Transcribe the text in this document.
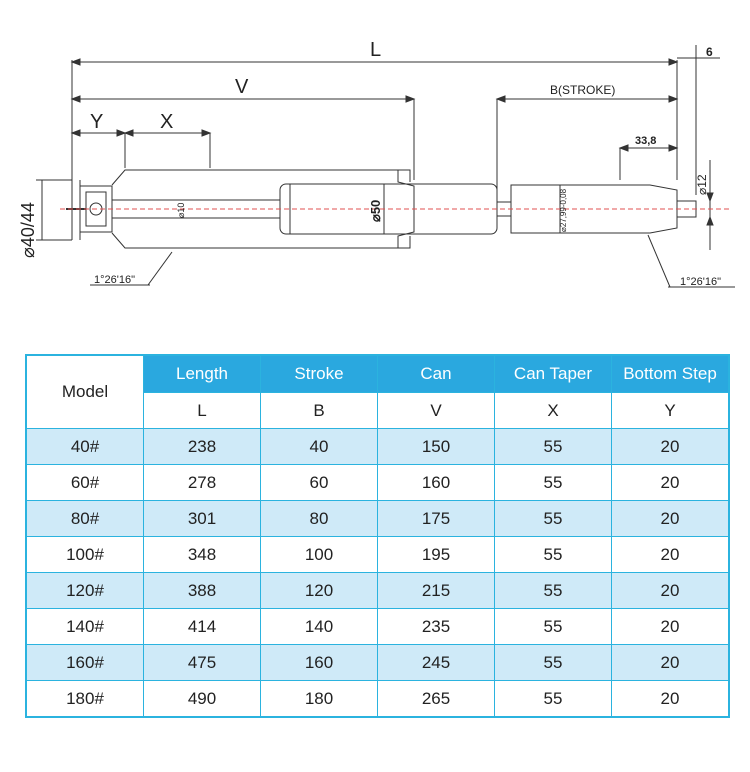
L
V
Y	X
B(STROKE)
6
33,8
⌀12
⌀50
⌀10	⌀27,99-0,08
⌀40/44
1°26'16"	1°26'16"
Model	Length	Stroke	Can	Can Taper	Bottom Step
	L	B	V	X	Y
40#	238	40	150	55	20
60#	278	60	160	55	20
80#	301	80	175	55	20
100#	348	100	195	55	20
120#	388	120	215	55	20
140#	414	140	235	55	20
160#	475	160	245	55	20
180#	490	180	265	55	20
